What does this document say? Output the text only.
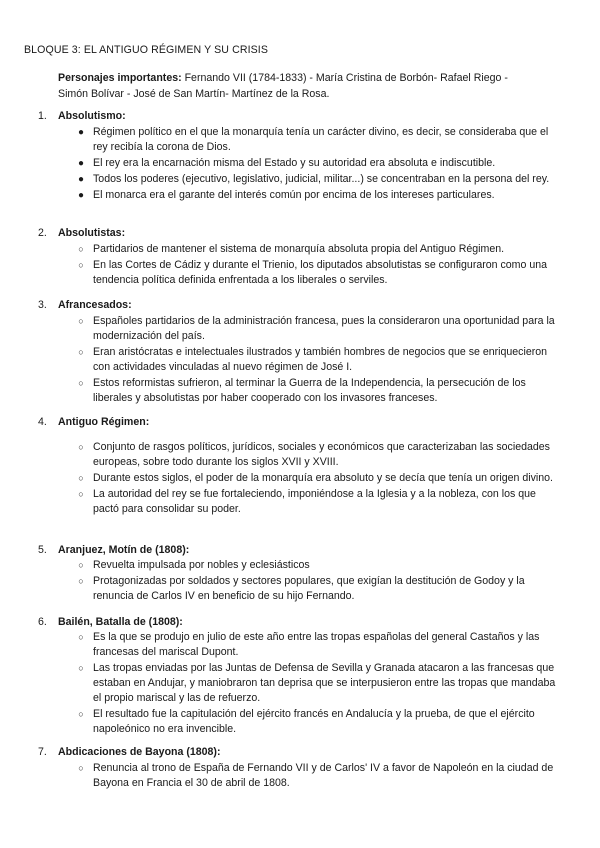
BLOQUE 3: EL ANTIGUO RÉGIMEN Y SU CRISIS
Personajes importantes: Fernando VII (1784-1833) - María Cristina de Borbón- Rafael Riego - Simón Bolívar - José de San Martín- Martínez de la Rosa.
1.	Absolutismo:
● Régimen político en el que la monarquía tenía un carácter divino, es decir, se consideraba que el rey recibía la corona de Dios.
● El rey era la encarnación misma del Estado y su autoridad era absoluta e indiscutible.
● Todos los poderes (ejecutivo, legislativo, judicial, militar...) se concentraban en la persona del rey.
● El monarca era el garante del interés común por encima de los intereses particulares.
2.	Absolutistas:
○ Partidarios de mantener el sistema de monarquía absoluta propia del Antiguo Régimen.
○ En las Cortes de Cádiz y durante el Trienio, los diputados absolutistas se configuraron como una tendencia política definida enfrentada a los liberales o serviles.
3.	Afrancesados:
○ Españoles partidarios de la administración francesa, pues la consideraron una oportunidad para la modernización del país.
○ Eran aristócratas e intelectuales ilustrados y también hombres de negocios que se enriquecieron con actividades vinculadas al nuevo régimen de José I.
○ Estos reformistas sufrieron, al terminar la Guerra de la Independencia, la persecución de los liberales y absolutistas por haber cooperado con los invasores franceses.
4.	Antiguo Régimen:
○ Conjunto de rasgos políticos, jurídicos, sociales y económicos que caracterizaban las sociedades europeas, sobre todo durante los siglos XVII y XVIII.
○ Durante estos siglos, el poder de la monarquía era absoluto y se decía que tenía un origen divino.
○ La autoridad del rey se fue fortaleciendo, imponiéndose a la Iglesia y a la nobleza, con los que pactó para consolidar su poder.
5.	Aranjuez, Motín de (1808):
○ Revuelta impulsada por nobles y eclesiásticos
○ Protagonizadas por soldados y sectores populares, que exigían la destitución de Godoy y la renuncia de Carlos IV en beneficio de su hijo Fernando.
6.	Bailén, Batalla de (1808):
○ Es la que se produjo en julio de este año entre las tropas españolas del general Castaños y las francesas del mariscal Dupont.
○ Las tropas enviadas por las Juntas de Defensa de Sevilla y Granada atacaron a las francesas que estaban en Andujar, y maniobraron tan deprisa que se interpusieron entre las tropas que mandaba el propio mariscal y las de refuerzo.
○ El resultado fue la capitulación del ejército francés en Andalucía y la prueba, de que el ejército napoleónico no era invencible.
7.	Abdicaciones de Bayona (1808):
○ Renuncia al trono de España de Fernando VII y de Carlos' IV a favor de Napoleón en la ciudad de Bayona en Francia el 30 de abril de 1808.
